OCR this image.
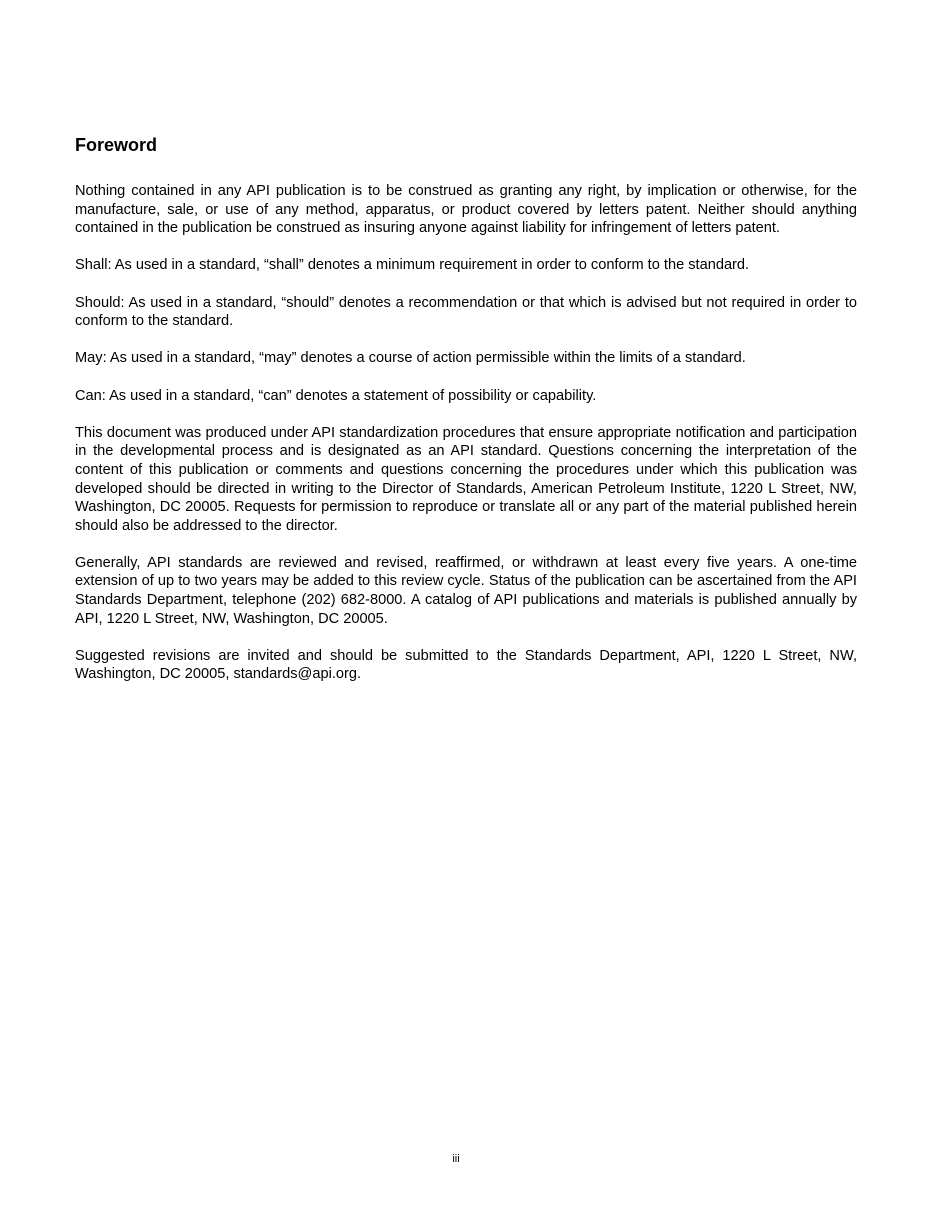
Foreword

Nothing contained in any API publication is to be construed as granting any right, by implication or otherwise, for the manufacture, sale, or use of any method, apparatus, or product covered by letters patent. Neither should anything contained in the publication be construed as insuring anyone against liability for infringement of letters patent.

Shall: As used in a standard, “shall” denotes a minimum requirement in order to conform to the standard.

Should: As used in a standard, “should” denotes a recommendation or that which is advised but not required in order to conform to the standard.

May: As used in a standard, “may” denotes a course of action permissible within the limits of a standard.

Can: As used in a standard, “can” denotes a statement of possibility or capability.

This document was produced under API standardization procedures that ensure appropriate notification and participation in the developmental process and is designated as an API standard. Questions concerning the interpretation of the content of this publication or comments and questions concerning the procedures under which this publication was developed should be directed in writing to the Director of Standards, American Petroleum Institute, 1220 L Street, NW, Washington, DC 20005. Requests for permission to reproduce or translate all or any part of the material published herein should also be addressed to the director.

Generally, API standards are reviewed and revised, reaffirmed, or withdrawn at least every five years. A one-time extension of up to two years may be added to this review cycle. Status of the publication can be ascertained from the API Standards Department, telephone (202) 682-8000. A catalog of API publications and materials is published annually by API, 1220 L Street, NW, Washington, DC 20005.

Suggested revisions are invited and should be submitted to the Standards Department, API, 1220 L Street, NW, Washington, DC 20005, standards@api.org.

iii
